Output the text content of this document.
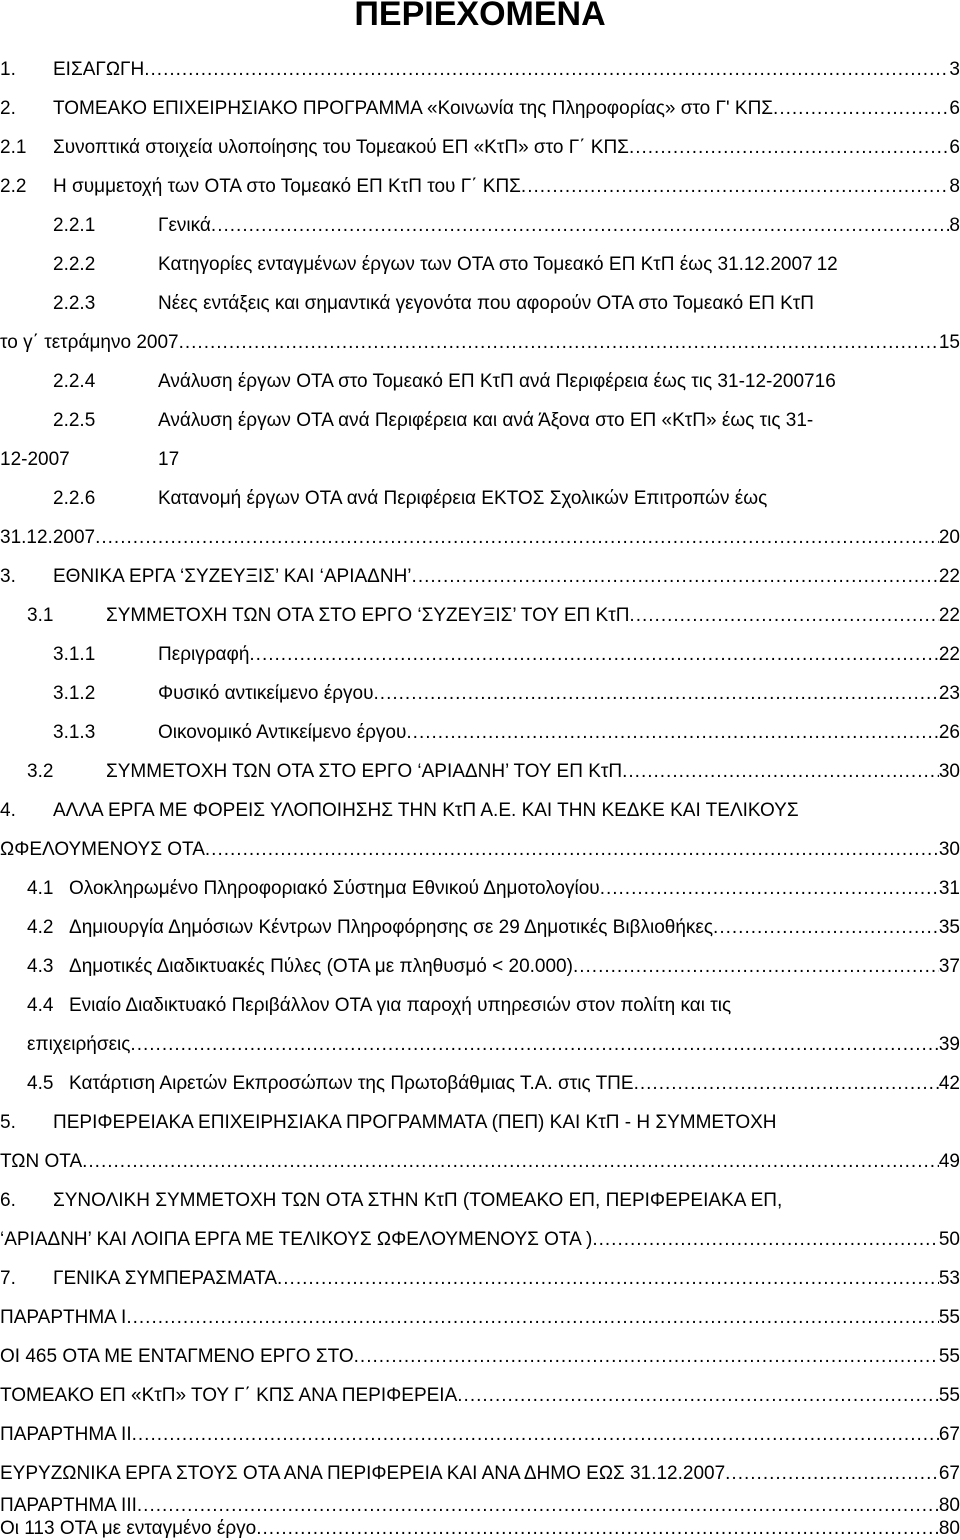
ΠΕΡΙΕΧΟΜΕΝΑ
1. ΕΙΣΑΓΩΓΗ .....	3
2. ΤΟΜΕΑΚΟ ΕΠΙΧΕΙΡΗΣΙΑΚΟ ΠΡΟΓΡΑΜΜΑ «Κοινωνία της Πληροφορίας» στο Γ' ΚΠΣ .....	6
2.1 Συνοπτικά στοιχεία υλοποίησης του Τομεακού ΕΠ «ΚτΠ» στο Γ΄ ΚΠΣ .....	6
2.2 Η συμμετοχή των ΟΤΑ στο Τομεακό ΕΠ ΚτΠ του Γ΄ ΚΠΣ .....	8
2.2.1	Γενικά .....	8
2.2.2	Κατηγορίες ενταγμένων έργων των ΟΤΑ στο Τομεακό ΕΠ ΚτΠ έως 31.12.2007 12
2.2.3	Νέες εντάξεις και σημαντικά γεγονότα που αφορούν ΟΤΑ στο Τομεακό ΕΠ ΚτΠ
το γ΄ τετράμηνο 2007 .....	15
2.2.4	Ανάλυση έργων ΟΤΑ στο Τομεακό ΕΠ ΚτΠ ανά Περιφέρεια έως τις 31-12-2007 16
2.2.5	Ανάλυση έργων ΟΤΑ ανά Περιφέρεια και ανά Άξονα στο ΕΠ «ΚτΠ» έως τις 31-
12-2007	17
2.2.6	Κατανομή έργων ΟΤΑ ανά Περιφέρεια ΕΚΤΟΣ Σχολικών Επιτροπών έως
31.12.2007 .....	20
3. ΕΘΝΙΚΑ ΕΡΓΑ ‘ΣΥΖΕΥΞΙΣ’ ΚΑΙ ‘ΑΡΙΑΔΝΗ’ .....	22
3.1	ΣΥΜΜΕΤΟΧΗ ΤΩΝ ΟΤΑ ΣΤΟ ΕΡΓΟ ‘ΣΥΖΕΥΞΙΣ’ ΤΟΥ ΕΠ ΚτΠ .....	22
3.1.1	Περιγραφή .....	22
3.1.2	Φυσικό αντικείμενο έργου .....	23
3.1.3	Οικονομικό Αντικείμενο έργου .....	26
3.2	ΣΥΜΜΕΤΟΧΗ ΤΩΝ ΟΤΑ ΣΤΟ ΕΡΓΟ ‘ΑΡΙΑΔΝΗ’ ΤΟΥ ΕΠ ΚτΠ .....	30
4. ΑΛΛΑ ΕΡΓΑ ΜΕ ΦΟΡΕΙΣ ΥΛΟΠΟΙΗΣΗΣ ΤΗΝ ΚτΠ Α.Ε. ΚΑΙ ΤΗΝ ΚΕΔΚΕ ΚΑΙ ΤΕΛΙΚΟΥΣ
ΩΦΕΛΟΥΜΕΝΟΥΣ ΟΤΑ .....	30
4.1 Ολοκληρωμένο Πληροφοριακό Σύστημα Εθνικού Δημοτολογίου .....	31
4.2 Δημιουργία Δημόσιων Κέντρων Πληροφόρησης σε 29 Δημοτικές Βιβλιοθήκες .....	35
4.3 Δημοτικές Διαδικτυακές Πύλες (ΟΤΑ με πληθυσμό < 20.000) .....	37
4.4 Ενιαίο Διαδικτυακό Περιβάλλον ΟΤΑ για παροχή υπηρεσιών στον πολίτη και τις
επιχειρήσεις .....	39
4.5 Κατάρτιση Αιρετών Εκπροσώπων της Πρωτοβάθμιας Τ.Α. στις ΤΠΕ .....	42
5. ΠΕΡΙΦΕΡΕΙΑΚΑ ΕΠΙΧΕΙΡΗΣΙΑΚΑ ΠΡΟΓΡΑΜΜΑΤΑ (ΠΕΠ) ΚΑΙ ΚτΠ - Η ΣΥΜΜΕΤΟΧΗ
ΤΩΝ ΟΤΑ .....	49
6. ΣΥΝΟΛΙΚΗ ΣΥΜΜΕΤΟΧΗ ΤΩΝ ΟΤΑ ΣΤΗΝ ΚτΠ (ΤΟΜΕΑΚΟ ΕΠ, ΠΕΡΙΦΕΡΕΙΑΚΑ ΕΠ,
‘ΑΡΙΑΔΝΗ’ ΚΑΙ ΛΟΙΠΑ ΕΡΓΑ ΜΕ ΤΕΛΙΚΟΥΣ ΩΦΕΛΟΥΜΕΝΟΥΣ ΟΤΑ ) .....	50
7. ΓΕΝΙΚΑ ΣΥΜΠΕΡΑΣΜΑΤΑ .....	53
ΠΑΡΑΡΤΗΜΑ Ι .....	55
ΟΙ 465 ΟΤΑ ΜΕ ΕΝΤΑΓΜΕΝΟ ΕΡΓΟ ΣΤΟ .....	55
ΤΟΜΕΑΚΟ ΕΠ «ΚτΠ» ΤΟΥ Γ΄ ΚΠΣ ΑΝΑ ΠΕΡΙΦΕΡΕΙΑ .....	55
ΠΑΡΑΡΤΗΜΑ ΙΙ .....	67
ΕΥΡΥΖΩΝΙΚΑ ΕΡΓΑ ΣΤΟΥΣ ΟΤΑ ΑΝΑ ΠΕΡΙΦΕΡΕΙΑ ΚΑΙ ΑΝΑ ΔΗΜΟ ΕΩΣ 31.12.2007 .....	67
ΠΑΡΑΡΤΗΜΑ ΙΙΙ .....	80
Οι 113 ΟΤΑ με ενταγμένο έργο .....	80
